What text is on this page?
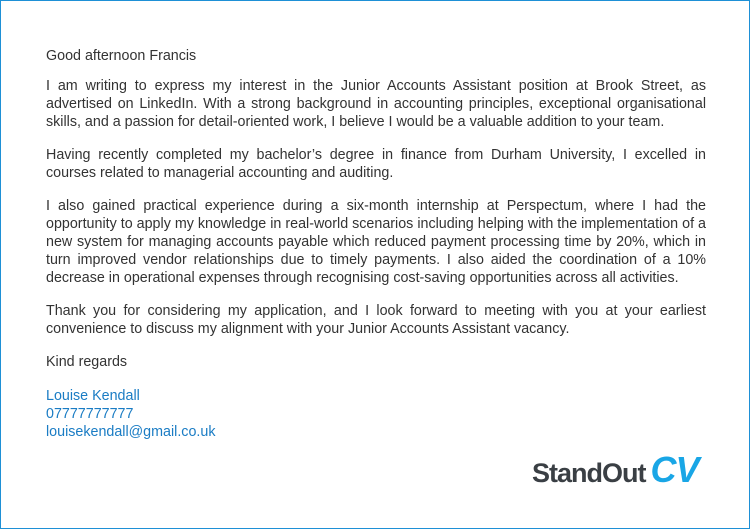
Good afternoon Francis

I am writing to express my interest in the Junior Accounts Assistant position at Brook Street, as advertised on LinkedIn. With a strong background in accounting principles, exceptional organisational skills, and a passion for detail-oriented work, I believe I would be a valuable addition to your team.

Having recently completed my bachelor’s degree in finance from Durham University, I excelled in courses related to managerial accounting and auditing.

I also gained practical experience during a six-month internship at Perspectum, where I had the opportunity to apply my knowledge in real-world scenarios including helping with the implementation of a new system for managing accounts payable which reduced payment processing time by 20%, which in turn improved vendor relationships due to timely payments. I also aided the coordination of a 10% decrease in operational expenses through recognising cost-saving opportunities across all activities.

Thank you for considering my application, and I look forward to meeting with you at your earliest convenience to discuss my alignment with your Junior Accounts Assistant vacancy.

Kind regards

Louise Kendall
07777777777
louisekendall@gmail.co.uk
StandOut CV
